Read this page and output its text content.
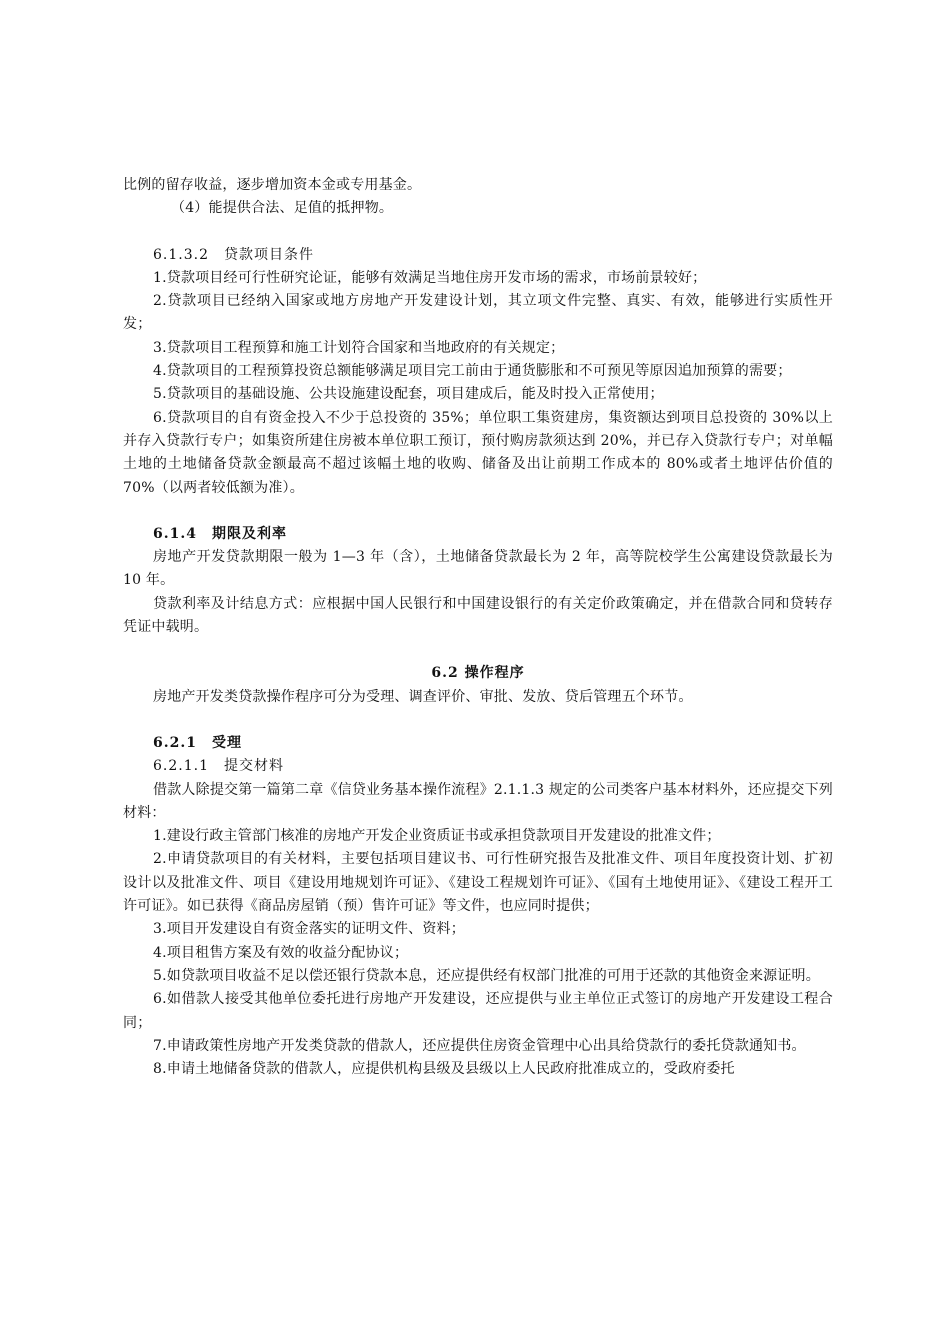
比例的留存收益，逐步增加资本金或专用基金。

（4）能提供合法、足值的抵押物。

6.1.3.2　贷款项目条件

1.贷款项目经可行性研究论证，能够有效满足当地住房开发市场的需求，市场前景较好；

2.贷款项目已经纳入国家或地方房地产开发建设计划，其立项文件完整、真实、有效，能够进行实质性开发；

3.贷款项目工程预算和施工计划符合国家和当地政府的有关规定；

4.贷款项目的工程预算投资总额能够满足项目完工前由于通货膨胀和不可预见等原因追加预算的需要；

5.贷款项目的基础设施、公共设施建设配套，项目建成后，能及时投入正常使用；

6.贷款项目的自有资金投入不少于总投资的 35%；单位职工集资建房，集资额达到项目总投资的 30%以上并存入贷款行专户；如集资所建住房被本单位职工预订，预付购房款须达到 20%，并已存入贷款行专户；对单幅土地的土地储备贷款金额最高不超过该幅土地的收购、储备及出让前期工作成本的 80%或者土地评估价值的 70%（以两者较低额为准）。

6.1.4　期限及利率

房地产开发贷款期限一般为 1—3 年（含），土地储备贷款最长为 2 年，高等院校学生公寓建设贷款最长为 10 年。

贷款利率及计结息方式：应根据中国人民银行和中国建设银行的有关定价政策确定，并在借款合同和贷转存凭证中载明。

6.2 操作程序

房地产开发类贷款操作程序可分为受理、调查评价、审批、发放、贷后管理五个环节。

6.2.1　受理

6.2.1.1　提交材料

借款人除提交第一篇第二章《信贷业务基本操作流程》2.1.1.3 规定的公司类客户基本材料外，还应提交下列材料：

1.建设行政主管部门核准的房地产开发企业资质证书或承担贷款项目开发建设的批准文件；

2.申请贷款项目的有关材料，主要包括项目建议书、可行性研究报告及批准文件、项目年度投资计划、扩初设计以及批准文件、项目《建设用地规划许可证》、《建设工程规划许可证》、《国有土地使用证》、《建设工程开工许可证》。如已获得《商品房屋销（预）售许可证》等文件，也应同时提供；

3.项目开发建设自有资金落实的证明文件、资料；

4.项目租售方案及有效的收益分配协议；

5.如贷款项目收益不足以偿还银行贷款本息，还应提供经有权部门批准的可用于还款的其他资金来源证明。

6.如借款人接受其他单位委托进行房地产开发建设，还应提供与业主单位正式签订的房地产开发建设工程合同；

7.申请政策性房地产开发类贷款的借款人，还应提供住房资金管理中心出具给贷款行的委托贷款通知书。

8.申请土地储备贷款的借款人，应提供机构县级及县级以上人民政府批准成立的，受政府委托
